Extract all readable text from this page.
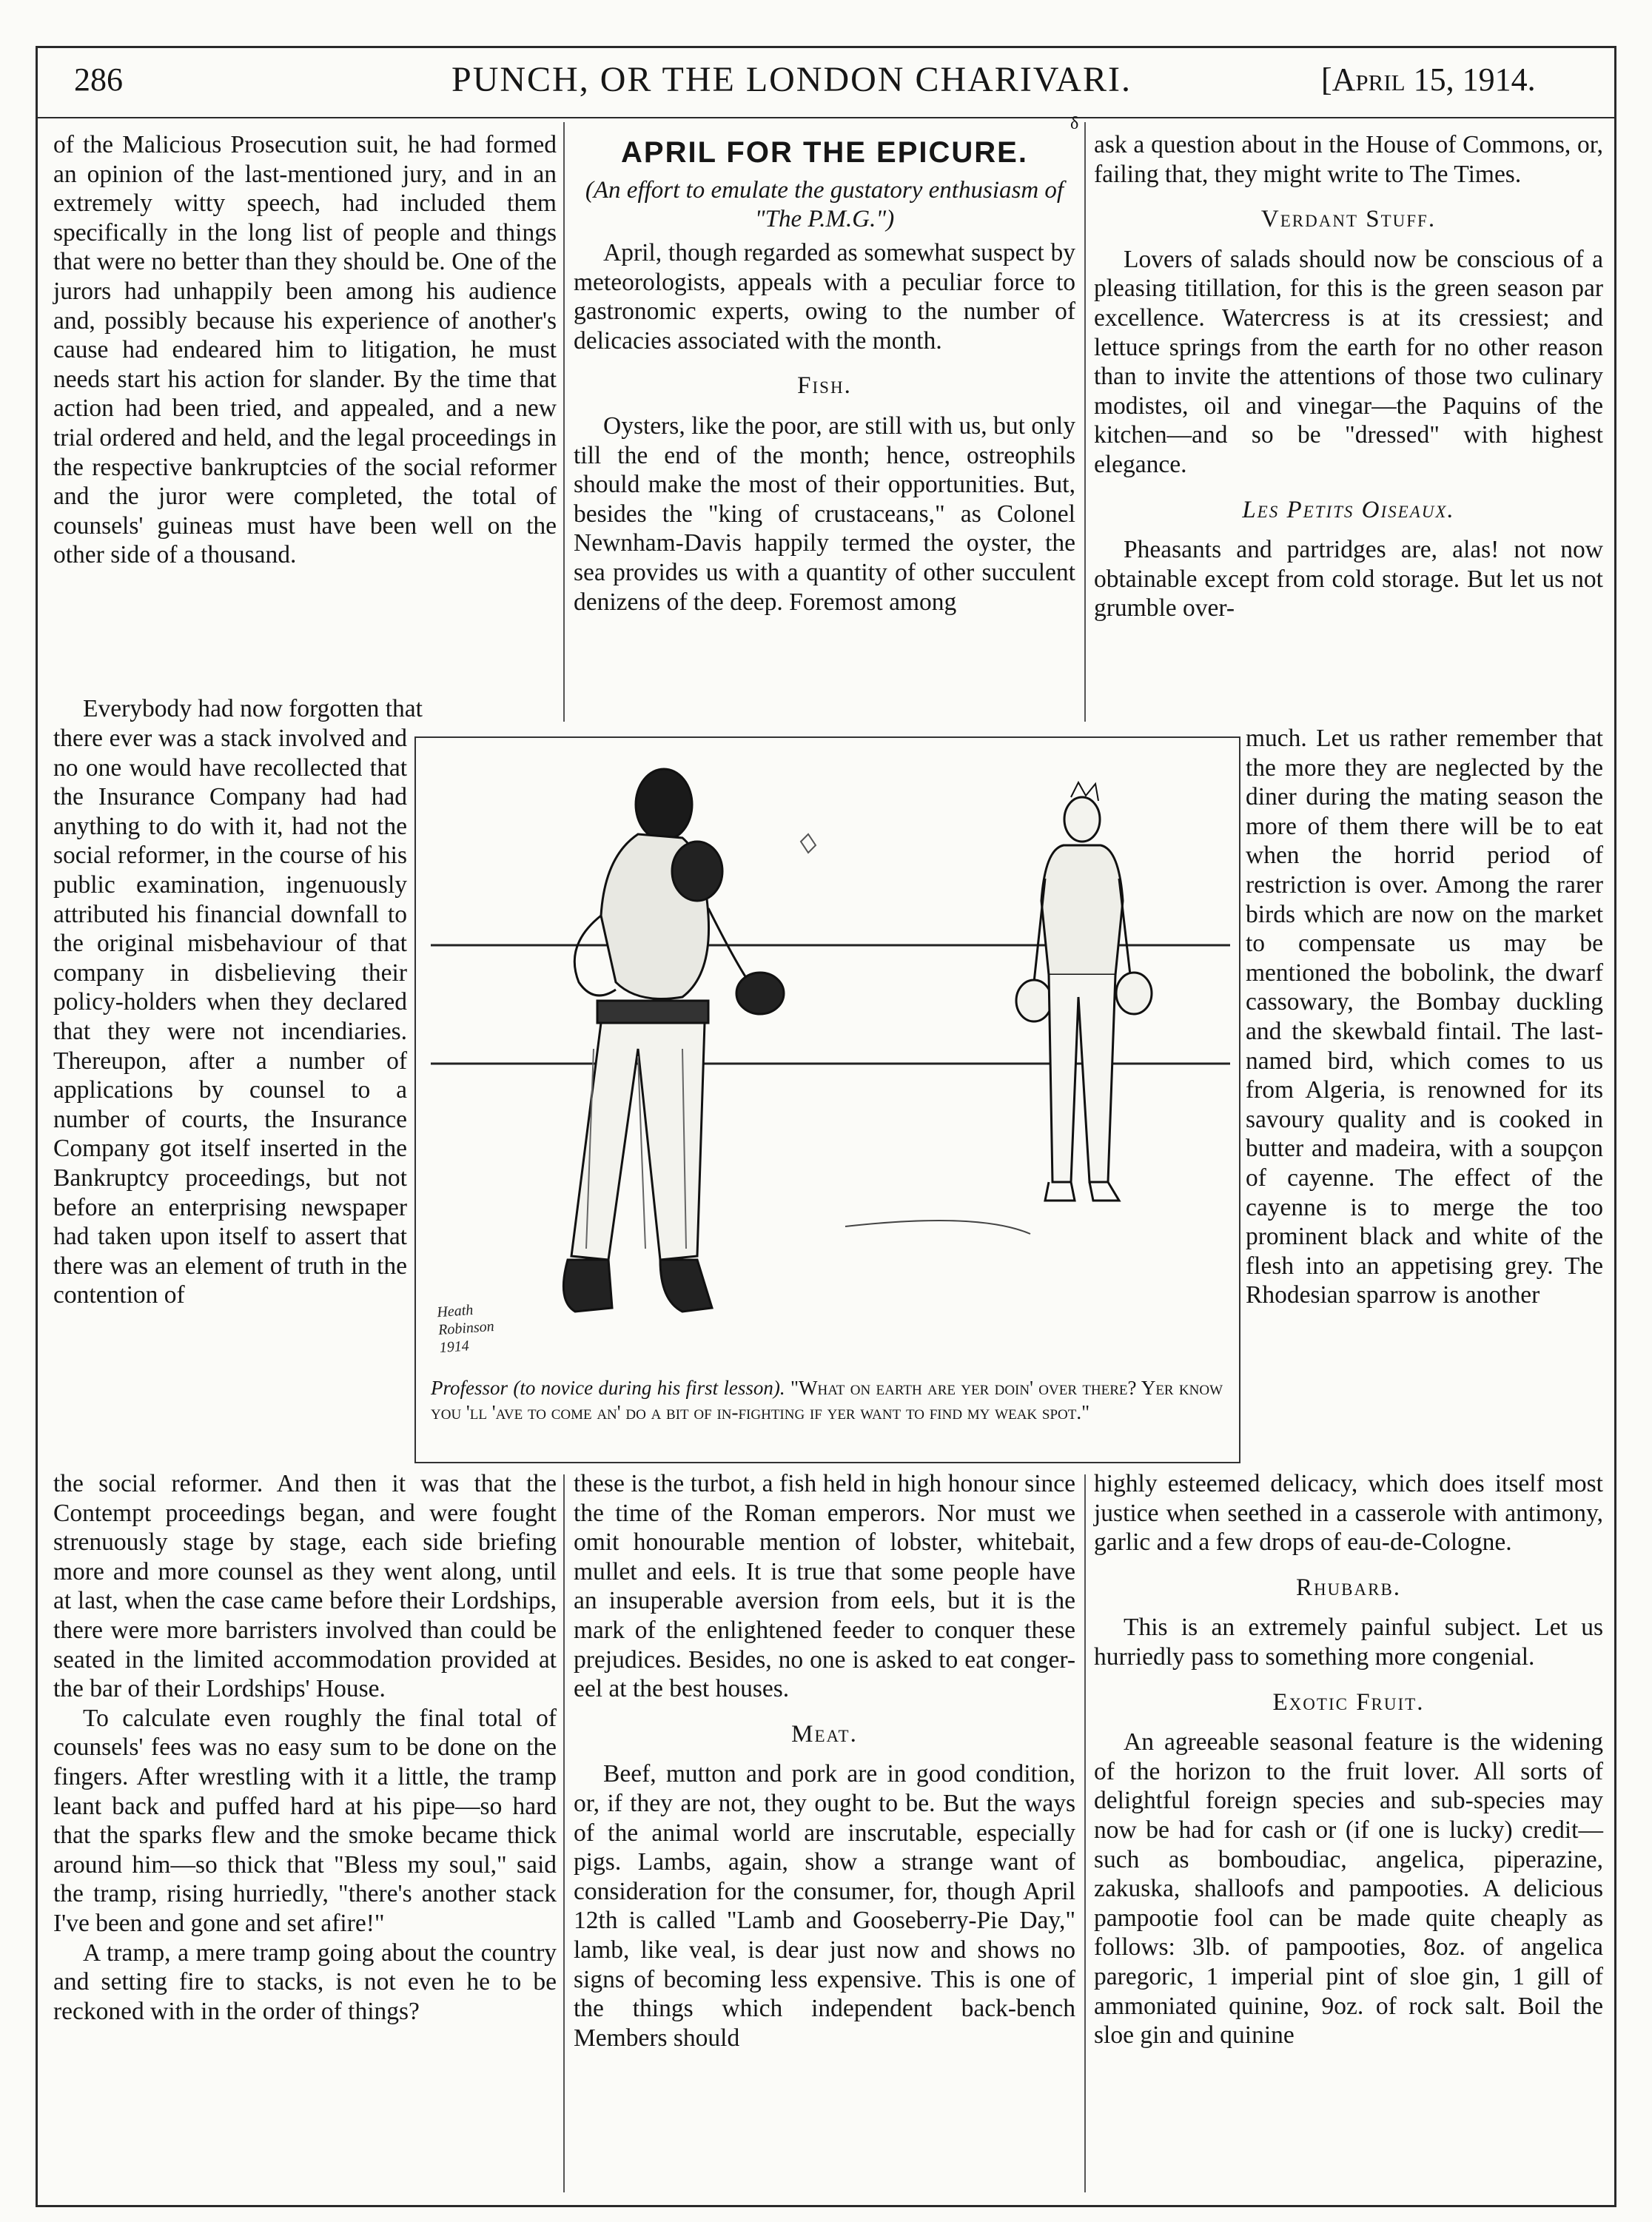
286	PUNCH, OR THE LONDON CHARIVARI.	[April 15, 1914.

of the Malicious Prosecution suit, he had formed an opinion of the last-mentioned jury, and in an extremely witty speech, had included them specifically in the long list of people and things that were no better than they should be. One of the jurors had unhappily been among his audience and, possibly because his experience of another's cause had endeared him to litigation, he must needs start his action for slander. By the time that action had been tried, and appealed, and a new trial ordered and held, and the legal proceedings in the respective bankruptcies of the social reformer and the juror were completed, the total of counsels' guineas must have been well on the other side of a thousand.

Everybody had now forgotten that

there ever was a stack involved and no one would have recollected that the Insurance Company had had anything to do with it, had not the social reformer, in the course of his public examination, ingenuously attributed his financial downfall to the original misbehaviour of that company in disbelieving their policy-holders when they declared that they were not incendiaries. Thereupon, after a number of applications by counsel to a number of courts, the Insurance Company got itself inserted in the Bankruptcy proceedings, but not before an enterprising newspaper had taken upon itself to assert that there was an element of truth in the contention of

the social reformer. And then it was that the Contempt proceedings began, and were fought strenuously stage by stage, each side briefing more and more counsel as they went along, until at last, when the case came before their Lordships, there were more barristers involved than could be seated in the limited accommodation provided at the bar of their Lordships' House.

To calculate even roughly the final total of counsels' fees was no easy sum to be done on the fingers. After wrestling with it a little, the tramp leant back and puffed hard at his pipe—so hard that the sparks flew and the smoke became thick around him—so thick that "Bless my soul," said the tramp, rising hurriedly, "there's another stack I've been and gone and set afire!"

A tramp, a mere tramp going about the country and setting fire to stacks, is not even he to be reckoned with in the order of things?

δ
APRIL FOR THE EPICURE.
(An effort to emulate the gustatory enthusiasm of "The P.M.G.")

April, though regarded as somewhat suspect by meteorologists, appeals with a peculiar force to gastronomic experts, owing to the number of delicacies associated with the month.

Fish.

Oysters, like the poor, are still with us, but only till the end of the month; hence, ostreophils should make the most of their opportunities. But, besides the "king of crustaceans," as Colonel Newnham-Davis happily termed the oyster, the sea provides us with a quantity of other succulent denizens of the deep. Foremost among

these is the turbot, a fish held in high honour since the time of the Roman emperors. Nor must we omit honourable mention of lobster, whitebait, mullet and eels. It is true that some people have an insuperable aversion from eels, but it is the mark of the enlightened feeder to conquer these prejudices. Besides, no one is asked to eat conger-eel at the best houses.

Meat.

Beef, mutton and pork are in good condition, or, if they are not, they ought to be. But the ways of the animal world are inscrutable, especially pigs. Lambs, again, show a strange want of consideration for the consumer, for, though April 12th is called "Lamb and Gooseberry-Pie Day," lamb, like veal, is dear just now and shows no signs of becoming less expensive. This is one of the things which independent back-bench Members should

ask a question about in the House of Commons, or, failing that, they might write to The Times.

Verdant Stuff.

Lovers of salads should now be conscious of a pleasing titillation, for this is the green season par excellence. Watercress is at its cressiest; and lettuce springs from the earth for no other reason than to invite the attentions of those two culinary modistes, oil and vinegar—the Paquins of the kitchen—and so be "dressed" with highest elegance.

Les Petits Oiseaux.

Pheasants and partridges are, alas! not now obtainable except from cold storage. But let us not grumble over-

much. Let us rather remember that the more they are neglected by the diner during the mating season the more of them there will be to eat when the horrid period of restriction is over. Among the rarer birds which are now on the market to compensate us may be mentioned the bobolink, the dwarf cassowary, the Bombay duckling and the skewbald fintail. The last-named bird, which comes to us from Algeria, is renowned for its savoury quality and is cooked in butter and madeira, with a soupçon of cayenne. The effect of the cayenne is to merge the too prominent black and white of the flesh into an appetising grey. The Rhodesian sparrow is another

highly esteemed delicacy, which does itself most justice when seethed in a casserole with antimony, garlic and a few drops of eau-de-Cologne.

Rhubarb.

This is an extremely painful subject. Let us hurriedly pass to something more congenial.

Exotic Fruit.

An agreeable seasonal feature is the widening of the horizon to the fruit lover. All sorts of delightful foreign species and sub-species may now be had for cash or (if one is lucky) credit—such as bomboudiac, angelica, piperazine, zakuska, shalloofs and pampooties. A delicious pampootie fool can be made quite cheaply as follows: 3lb. of pampooties, 8oz. of angelica paregoric, 1 imperial pint of sloe gin, 1 gill of ammoniated quinine, 9oz. of rock salt. Boil the sloe gin and quinine

Heath Robinson 1914
Professor (to novice during his first lesson). "What on earth are yer doin' over there? Yer know you 'll 'ave to come an' do a bit of in-fighting if yer want to find my weak spot."
